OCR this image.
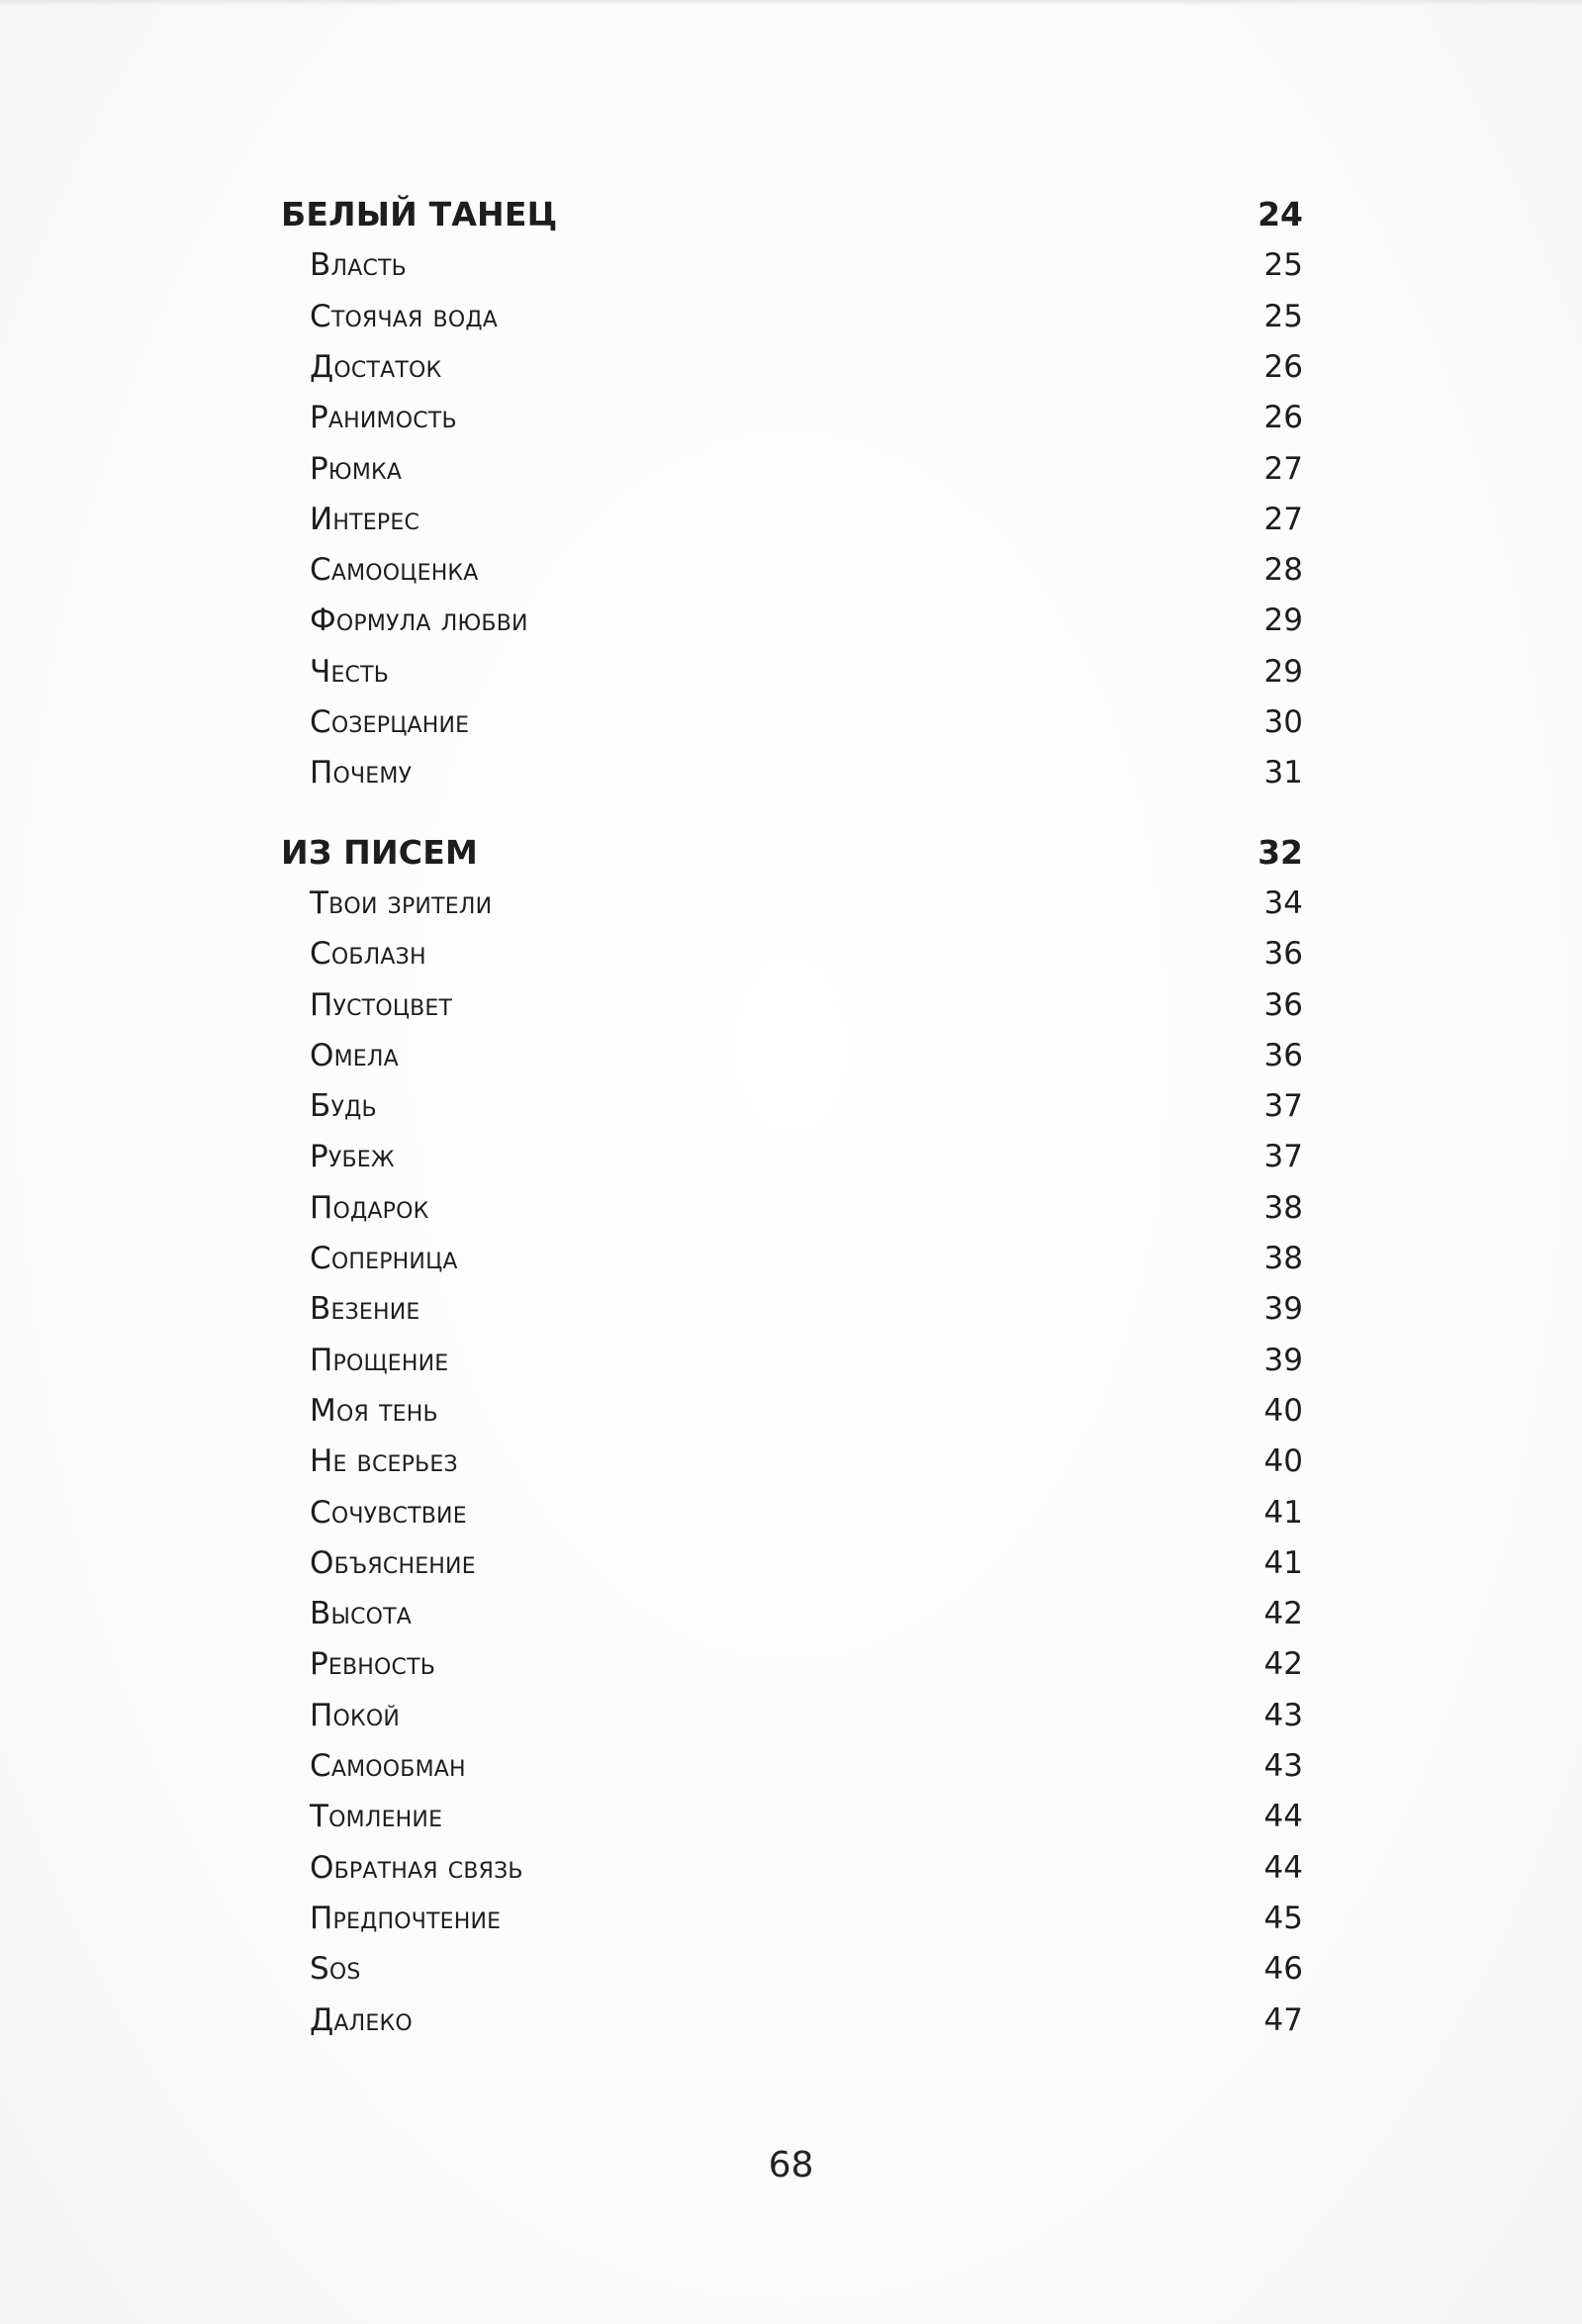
БЕЛЫЙ ТАНЕЦ	24
Власть	25
Стоячая вода	25
Достаток	26
Ранимость	26
Рюмка	27
Интерес	27
Самооценка	28
Формула любви	29
Честь	29
Созерцание	30
Почему	31
ИЗ ПИСЕМ	32
Твои зрители	34
Соблазн	36
Пустоцвет	36
Омела	36
Будь	37
Рубеж	37
Подарок	38
Соперница	38
Везение	39
Прощение	39
Моя тень	40
Не всерьез	40
Сочувствие	41
Объяснение	41
Высота	42
Ревность	42
Покой	43
Самообман	43
Томление	44
Обратная связь	44
Предпочтение	45
Sos	46
Далеко	47
68
